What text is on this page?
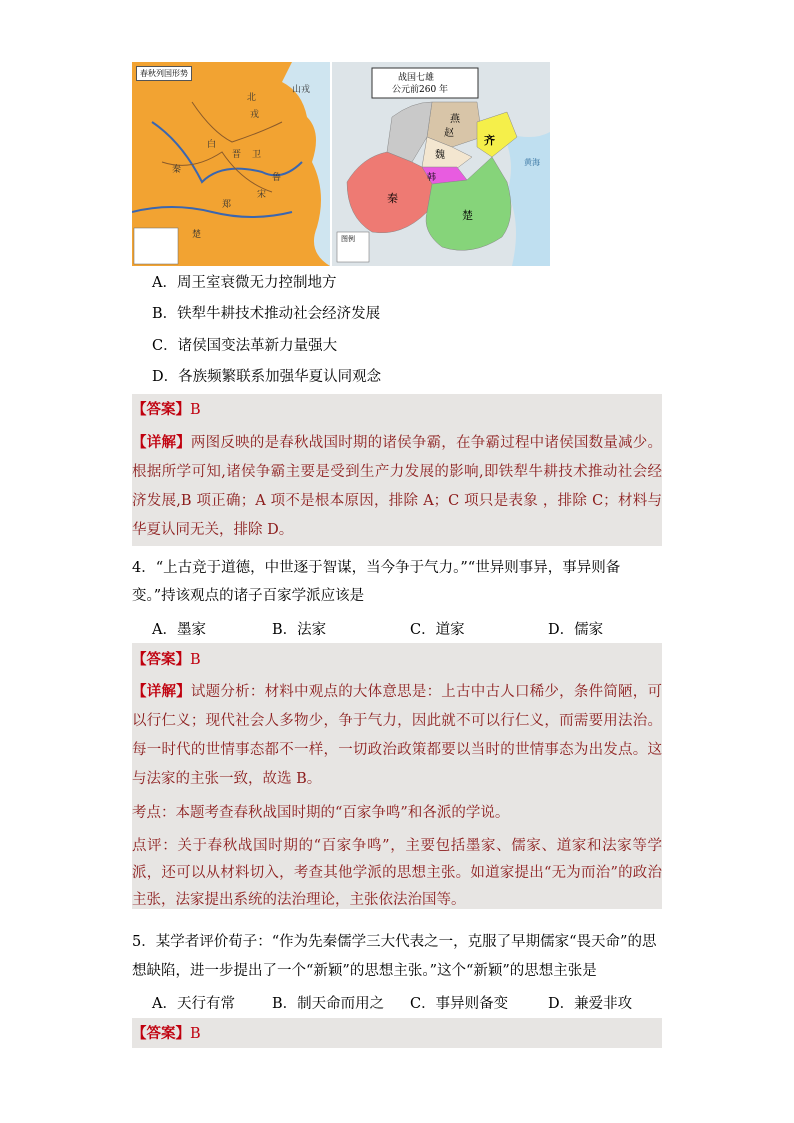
北
戎
白
晋 卫
鲁
宋
郑
楚
秦
山戎
春秋列国形势	战国七雄
公元前260 年
燕
赵
齐
魏
韩
秦
楚
黄海
图例
A．周王室衰微无力控制地方
B．铁犁牛耕技术推动社会经济发展
C．诸侯国变法革新力量强大
D．各族频繁联系加强华夏认同观念
【答案】B
【详解】两图反映的是春秋战国时期的诸侯争霸，在争霸过程中诸侯国数量减少。根据所学可知,诸侯争霸主要是受到生产力发展的影响,即铁犁牛耕技术推动社会经济发展,B 项正确；A 项不是根本原因，排除 A；C 项只是表象 ，排除 C；材料与华夏认同无关，排除 D。
4．“上古竞于道德，中世逐于智谋，当今争于气力。”“世异则事异，事异则备变。”持该观点的诸子百家学派应该是
A．墨家	B．法家	C．道家	D．儒家
【答案】B
【详解】试题分析：材料中观点的大体意思是：上古中古人口稀少，条件简陋，可以行仁义；现代社会人多物少，争于气力，因此就不可以行仁义，而需要用法治。每一时代的世情事态都不一样，一切政治政策都要以当时的世情事态为出发点。这与法家的主张一致，故选 B。
考点：本题考查春秋战国时期的“百家争鸣”和各派的学说。
点评：关于春秋战国时期的“百家争鸣”，主要包括墨家、儒家、道家和法家等学派，还可以从材料切入，考查其他学派的思想主张。如道家提出“无为而治”的政治主张，法家提出系统的法治理论，主张依法治国等。
5．某学者评价荀子：“作为先秦儒学三大代表之一，克服了早期儒家“畏天命”的思想缺陷，进一步提出了一个“新颖”的思想主张。”这个“新颖”的思想主张是
A．天行有常	B．制天命而用之 C．事异则备变	D．兼爱非攻
【答案】B
